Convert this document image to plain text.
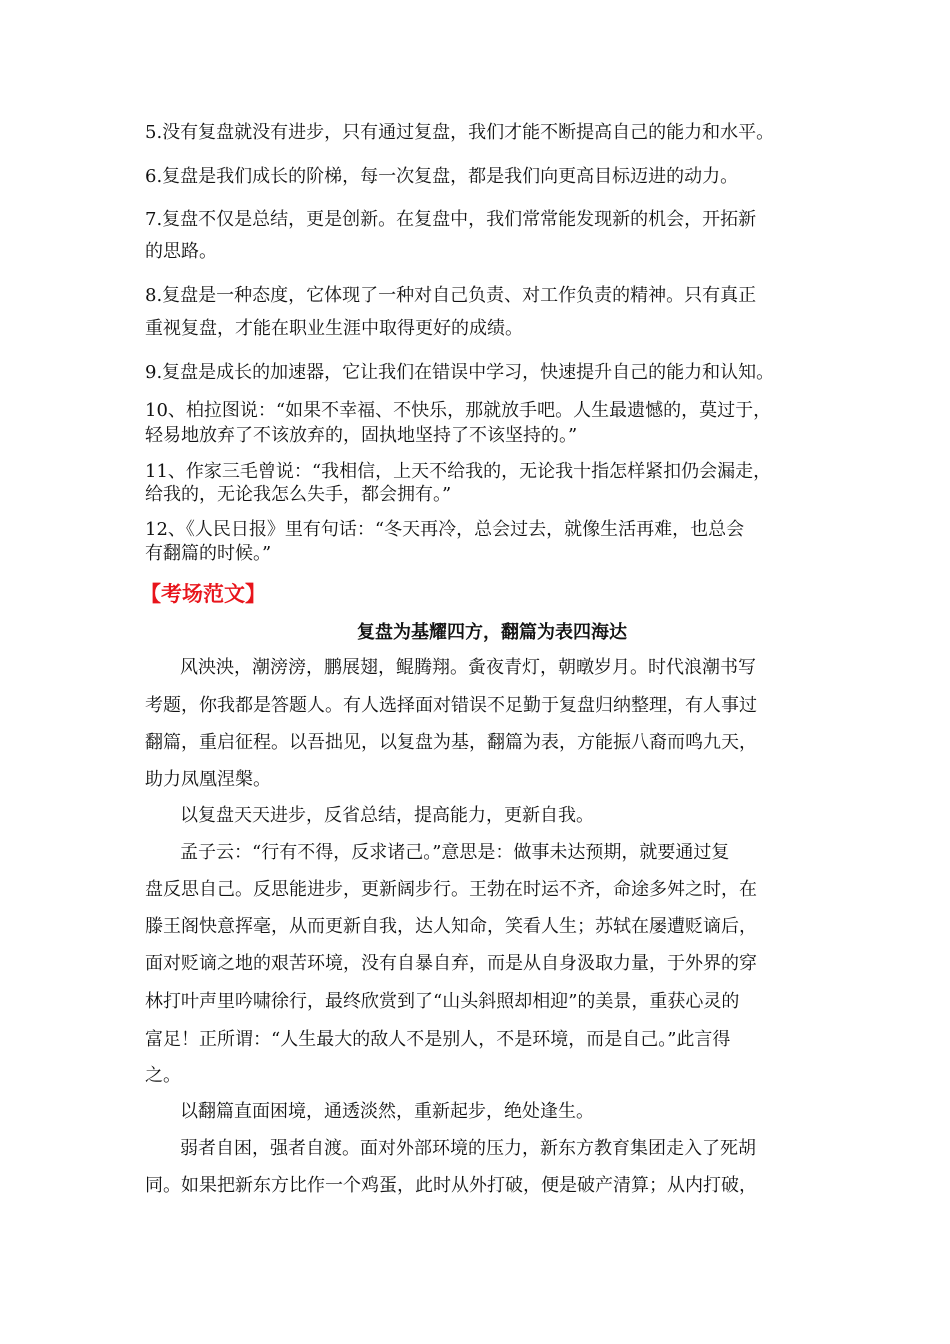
5.没有复盘就没有进步，只有通过复盘，我们才能不断提高自己的能力和水平。
6.复盘是我们成长的阶梯，每一次复盘，都是我们向更高目标迈进的动力。
7.复盘不仅是总结，更是创新。在复盘中，我们常常能发现新的机会，开拓新
的思路。
8.复盘是一种态度，它体现了一种对自己负责、对工作负责的精神。只有真正
重视复盘，才能在职业生涯中取得更好的成绩。
9.复盘是成长的加速器，它让我们在错误中学习，快速提升自己的能力和认知。
10、柏拉图说：“如果不幸福、不快乐，那就放手吧。人生最遗憾的，莫过于，
轻易地放弃了不该放弃的，固执地坚持了不该坚持的。”
11、作家三毛曾说：“我相信，上天不给我的，无论我十指怎样紧扣仍会漏走，
给我的，无论我怎么失手，都会拥有。”
12、《人民日报》里有句话：“冬天再冷，总会过去，就像生活再难，也总会
有翻篇的时候。”
【考场范文】
复盘为基耀四方，翻篇为表四海达
风泱泱，潮滂滂，鹏展翅，鲲腾翔。夤夜青灯，朝暾岁月。时代浪潮书写
考题，你我都是答题人。有人选择面对错误不足勤于复盘归纳整理，有人事过
翻篇，重启征程。以吾拙见，以复盘为基，翻篇为表，方能振八裔而鸣九天，
助力凤凰涅槃。
以复盘天天进步，反省总结，提高能力，更新自我。
孟子云：“行有不得，反求诸己。”意思是：做事未达预期，就要通过复
盘反思自己。反思能进步，更新阔步行。王勃在时运不齐，命途多舛之时，在
滕王阁快意挥毫，从而更新自我，达人知命，笑看人生；苏轼在屡遭贬谪后，
面对贬谪之地的艰苦环境，没有自暴自弃，而是从自身汲取力量，于外界的穿
林打叶声里吟啸徐行，最终欣赏到了“山头斜照却相迎”的美景，重获心灵的
富足！正所谓：“人生最大的敌人不是别人，不是环境，而是自己。”此言得
之。
以翻篇直面困境，通透淡然，重新起步，绝处逢生。
弱者自困，强者自渡。面对外部环境的压力，新东方教育集团走入了死胡
同。如果把新东方比作一个鸡蛋，此时从外打破，便是破产清算；从内打破，
